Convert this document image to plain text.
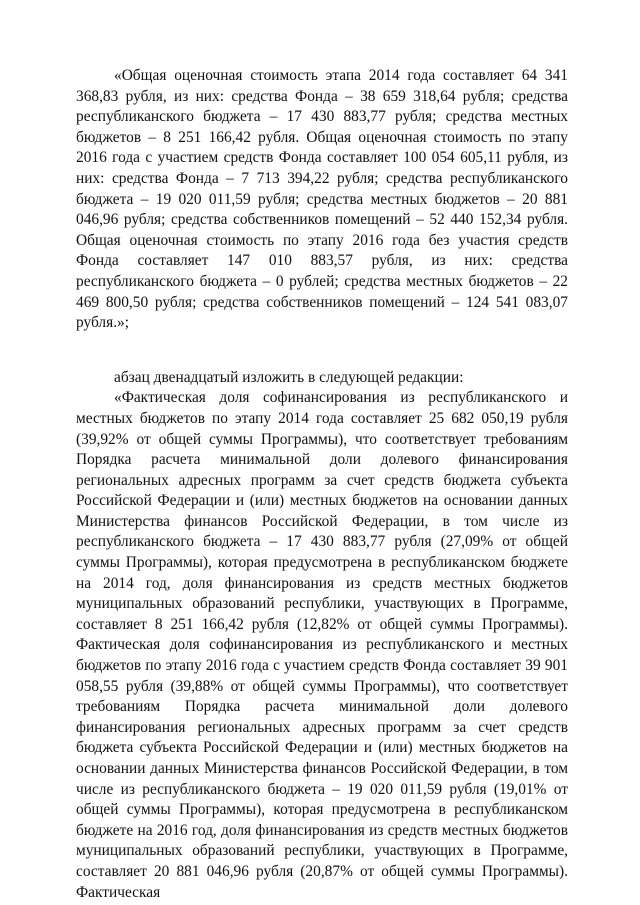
«Общая оценочная стоимость этапа 2014 года составляет 64 341 368,83 рубля, из них: средства Фонда – 38 659 318,64 рубля; средства республиканского бюджета – 17 430 883,77 рубля; средства местных бюджетов – 8 251 166,42 рубля. Общая оценочная стоимость по этапу 2016 года с участием средств Фонда составляет 100 054 605,11 рубля, из них: средства Фонда – 7 713 394,22 рубля; средства республиканского бюджета – 19 020 011,59 рубля; средства местных бюджетов – 20 881 046,96 рубля; средства собственников помещений – 52 440 152,34 рубля. Общая оценочная стоимость по этапу 2016 года без участия средств Фонда составляет 147 010 883,57 рубля, из них: средства республиканского бюджета – 0 рублей; средства местных бюджетов – 22 469 800,50 рубля; средства собственников помещений – 124 541 083,07 рубля.»;

абзац двенадцатый изложить в следующей редакции:

«Фактическая доля софинансирования из республиканского и местных бюджетов по этапу 2014 года составляет 25 682 050,19 рубля (39,92% от общей суммы Программы), что соответствует требованиям Порядка расчета минимальной доли долевого финансирования региональных адресных программ за счет средств бюджета субъекта Российской Федерации и (или) местных бюджетов на основании данных Министерства финансов Российской Федерации, в том числе из республиканского бюджета – 17 430 883,77 рубля (27,09% от общей суммы Программы), которая предусмотрена в республиканском бюджете на 2014 год, доля финансирования из средств местных бюджетов муниципальных образований республики, участвующих в Программе, составляет 8 251 166,42 рубля (12,82% от общей суммы Программы). Фактическая доля софинансирования из республиканского и местных бюджетов по этапу 2016 года с участием средств Фонда составляет 39 901 058,55 рубля (39,88% от общей суммы Программы), что соответствует требованиям Порядка расчета минимальной доли долевого финансирования региональных адресных программ за счет средств бюджета субъекта Российской Федерации и (или) местных бюджетов на основании данных Министерства финансов Российской Федерации, в том числе из республиканского бюджета – 19 020 011,59 рубля (19,01% от общей суммы Программы), которая предусмотрена в республиканском бюджете на 2016 год, доля финансирования из средств местных бюджетов муниципальных образований республики, участвующих в Программе, составляет 20 881 046,96 рубля (20,87% от общей суммы Программы). Фактическая
